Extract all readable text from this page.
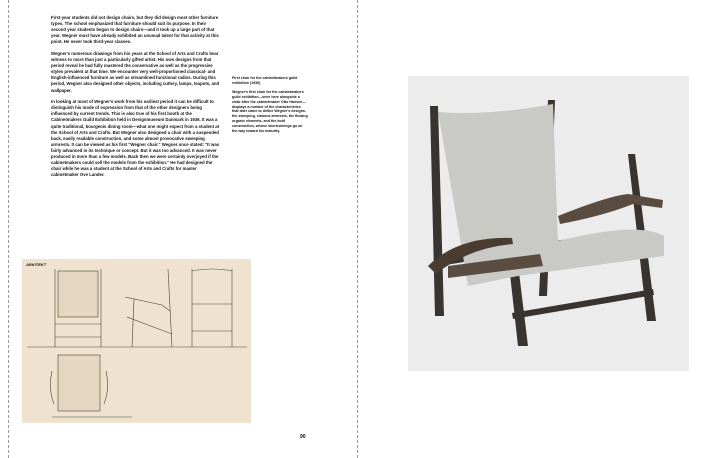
First-year students did not design chairs, but they did design most other furniture types. The school emphasized that furniture should suit its purpose. In their second year students began to design chairs—and it took up a large part of that year. Wegner must have already exhibited an unusual talent for that activity at this point. He never took third-year classes.

Wegner's numerous drawings from his years at the School of Arts and Crafts bear witness to more than just a particularly gifted artist. His own designs from that period reveal he had fully mastered the conservative as well as the progressive styles prevalent at that time. We encounter very well-proportioned classical- and English-influenced furniture as well as streamlined functional radios. During this period, Wegner also designed other objects, including cutlery, lamps, teapots, and wallpaper.

In looking at most of Wegner's work from his earliest period it can be difficult to distinguish his mode of expression from that of the other designers being influenced by current trends. This is also true of his first booth at the Cabinetmakers Guild Exhibition held in Designmuseum Danmark in 1936. It was a quite traditional, bourgeois dining room—what one might expect from a student at the School of Arts and Crafts. But Wegner also designed a chair with a suspended back, easily readable construction, and some almost provocative sweeping armrests. It can be viewed as his first "Wegner chair." Wegner once stated: "It was fairly advanced in its technique or concept. But it was too advanced. It was never produced in more than a few models. Back then we were certainly overjoyed if the cabinetmakers could sell the models from the exhibition." He had designed the chair while he was a student at the School of Arts and Crafts for master cabinetmaker Ove Lander.

First chair for the cabinetmakers guild exhibition (1936)

Wegner's first chair for the cabinetmakers guild exhibition—seen here alongside a chair after the cabinetmaker Otto Hansen—displays a number of the characteristics that later came to define Wegner's designs: the sweeping, sinuous armrests, the flowing organic elements, and the bold construction, whose shortcomings go on the way toward his maturity.

ARKITEKT
90
